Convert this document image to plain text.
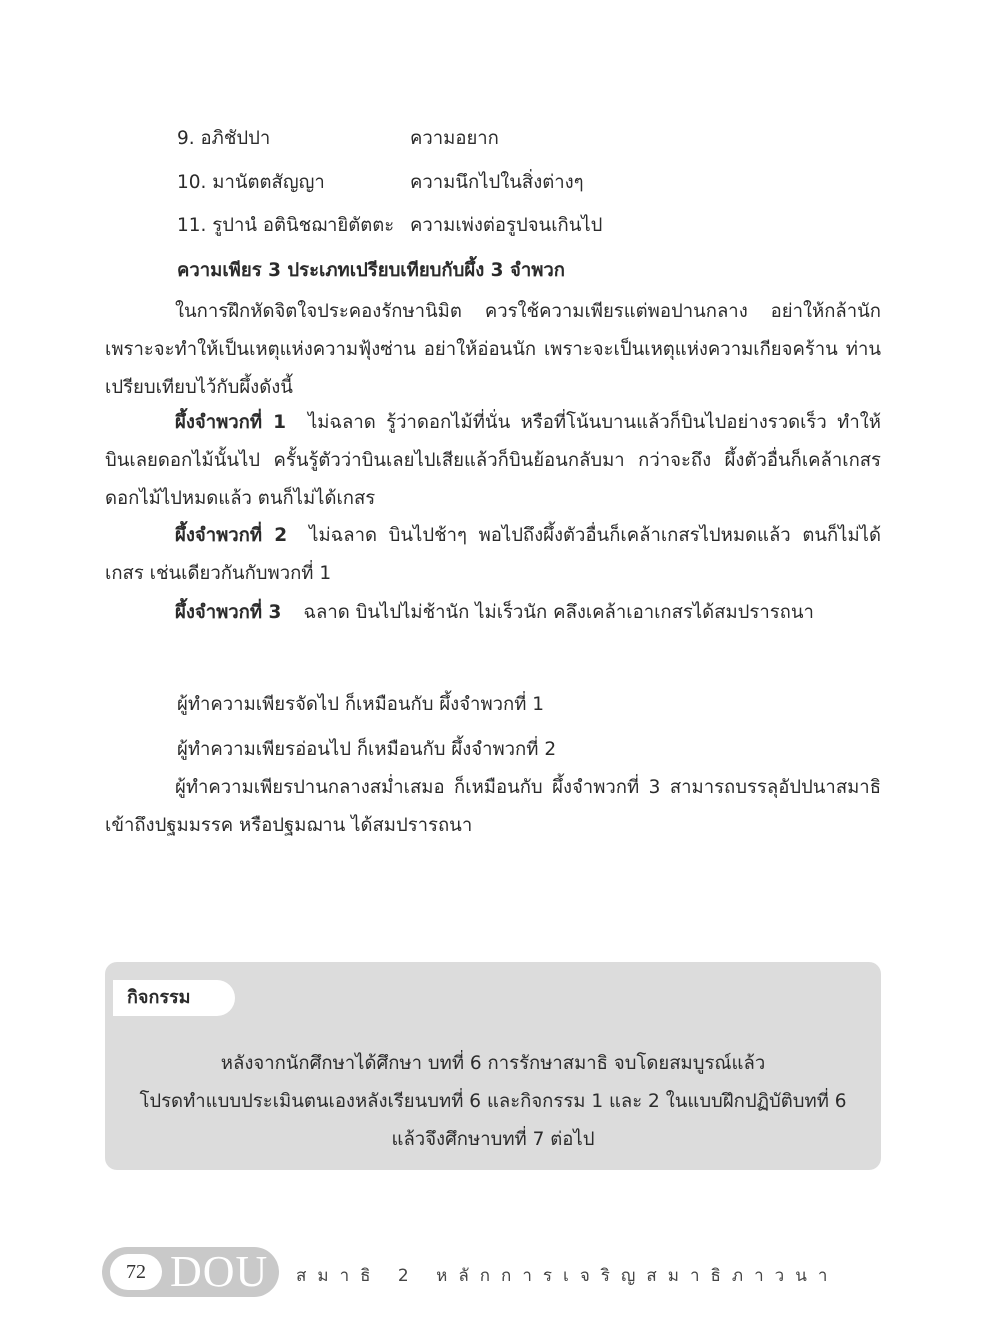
9. อภิชัปปา	ความอยาก
10. มานัตตสัญญา	ความนึกไปในสิ่งต่างๆ
11. รูปานํ อตินิชฌายิตัตตะ ความเพ่งต่อรูปจนเกินไป
ความเพียร 3 ประเภทเปรียบเทียบกับผึ้ง 3 จำพวก
ในการฝึกหัดจิตใจประคองรักษานิมิต ควรใช้ความเพียรแต่พอปานกลาง อย่าให้กล้านัก เพราะจะทำให้เป็นเหตุแห่งความฟุ้งซ่าน อย่าให้อ่อนนัก เพราะจะเป็นเหตุแห่งความเกียจคร้าน ท่านเปรียบเทียบไว้กับผึ้งดังนี้
ผึ้งจำพวกที่ 1 ไม่ฉลาด รู้ว่าดอกไม้ที่นั่น หรือที่โน้นบานแล้วก็บินไปอย่างรวดเร็ว ทำให้บินเลยดอกไม้นั้นไป ครั้นรู้ตัวว่าบินเลยไปเสียแล้วก็บินย้อนกลับมา กว่าจะถึง ผึ้งตัวอื่นก็เคล้าเกสรดอกไม้ไปหมดแล้ว ตนก็ไม่ได้เกสร
ผึ้งจำพวกที่ 2 ไม่ฉลาด บินไปช้าๆ พอไปถึงผึ้งตัวอื่นก็เคล้าเกสรไปหมดแล้ว ตนก็ไม่ได้เกสร เช่นเดียวกันกับพวกที่ 1
ผึ้งจำพวกที่ 3 ฉลาด บินไปไม่ช้านัก ไม่เร็วนัก คลึงเคล้าเอาเกสรได้สมปรารถนา
ผู้ทำความเพียรจัดไป ก็เหมือนกับ ผึ้งจำพวกที่ 1
ผู้ทำความเพียรอ่อนไป ก็เหมือนกับ ผึ้งจำพวกที่ 2
ผู้ทำความเพียรปานกลางสม่ำเสมอ ก็เหมือนกับ ผึ้งจำพวกที่ 3 สามารถบรรลุอัปปนาสมาธิ เข้าถึงปฐมมรรค หรือปฐมฌาน ได้สมปรารถนา
กิจกรรม
หลังจากนักศึกษาได้ศึกษา บทที่ 6 การรักษาสมาธิ จบโดยสมบูรณ์แล้ว
โปรดทำแบบประเมินตนเองหลังเรียนบทที่ 6 และกิจกรรม 1 และ 2 ในแบบฝึกปฏิบัติบทที่ 6
แล้วจึงศึกษาบทที่ 7 ต่อไป
72 DOU สมาธิ 2 หลักการเจริญสมาธิภาวนา
